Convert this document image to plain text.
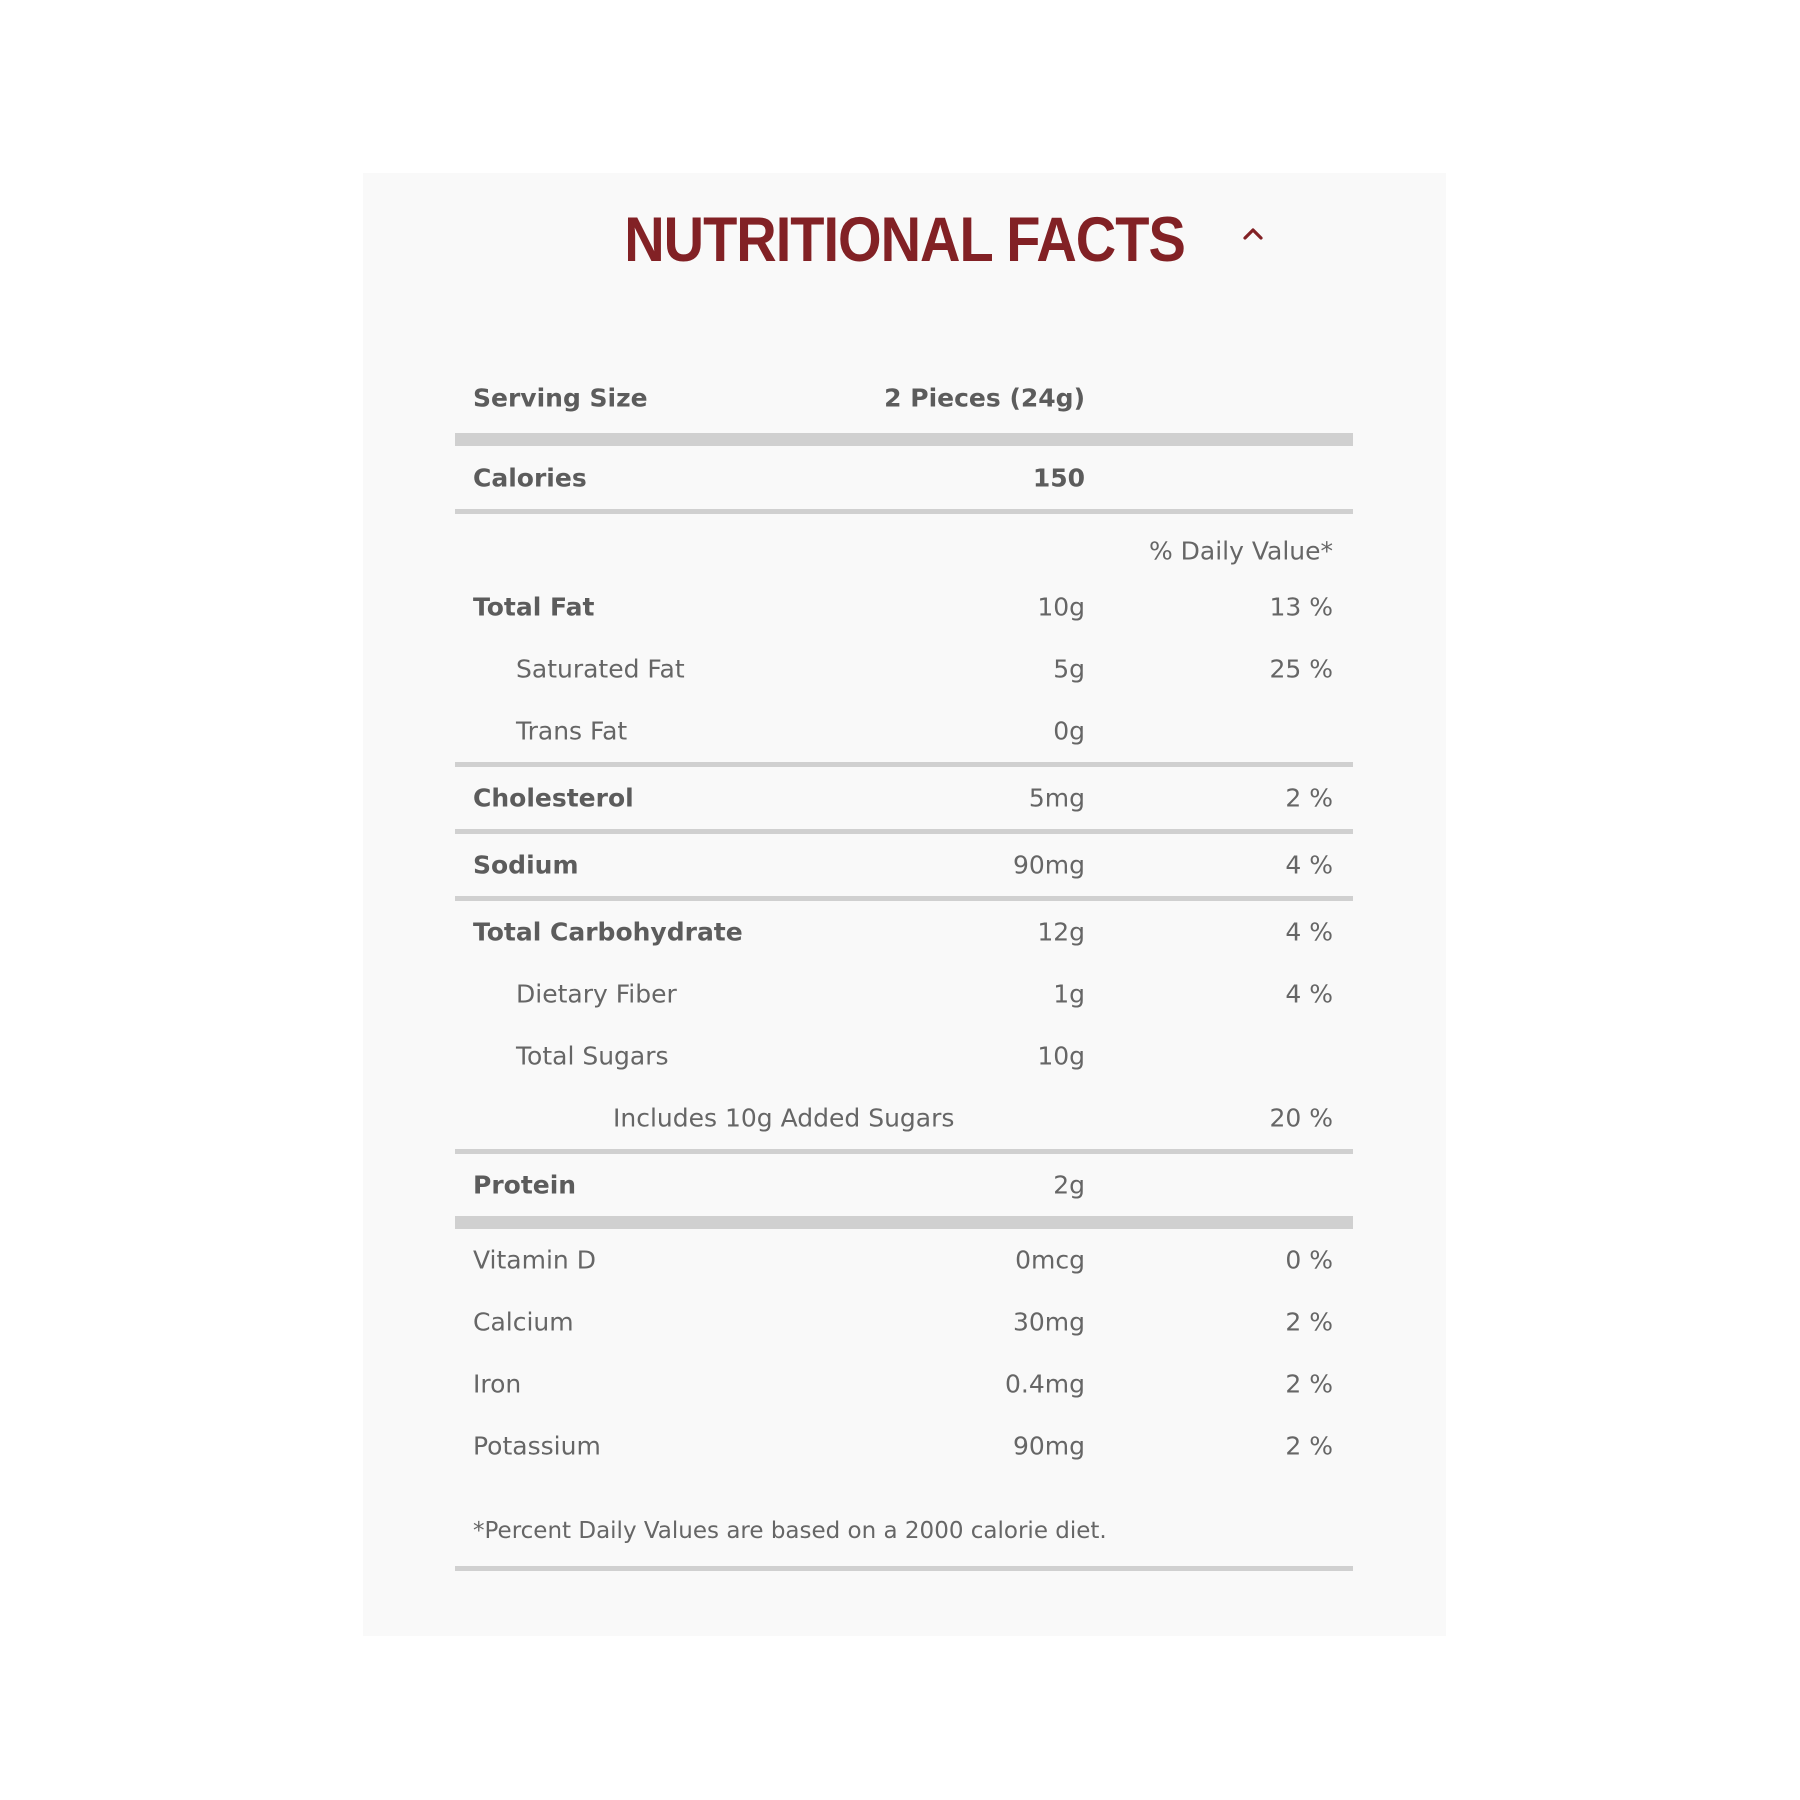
NUTRITIONAL FACTS
Serving Size	2 Pieces (24g)
Calories	150
% Daily Value*
Total Fat	10g	13 %
Saturated Fat	5g	25 %
Trans Fat	0g
Cholesterol	5mg	2 %
Sodium	90mg	4 %
Total Carbohydrate	12g	4 %
Dietary Fiber	1g	4 %
Total Sugars	10g
Includes 10g Added Sugars	20 %
Protein	2g
Vitamin D	0mcg	0 %
Calcium	30mg	2 %
Iron	0.4mg	2 %
Potassium	90mg	2 %
*Percent Daily Values are based on a 2000 calorie diet.
